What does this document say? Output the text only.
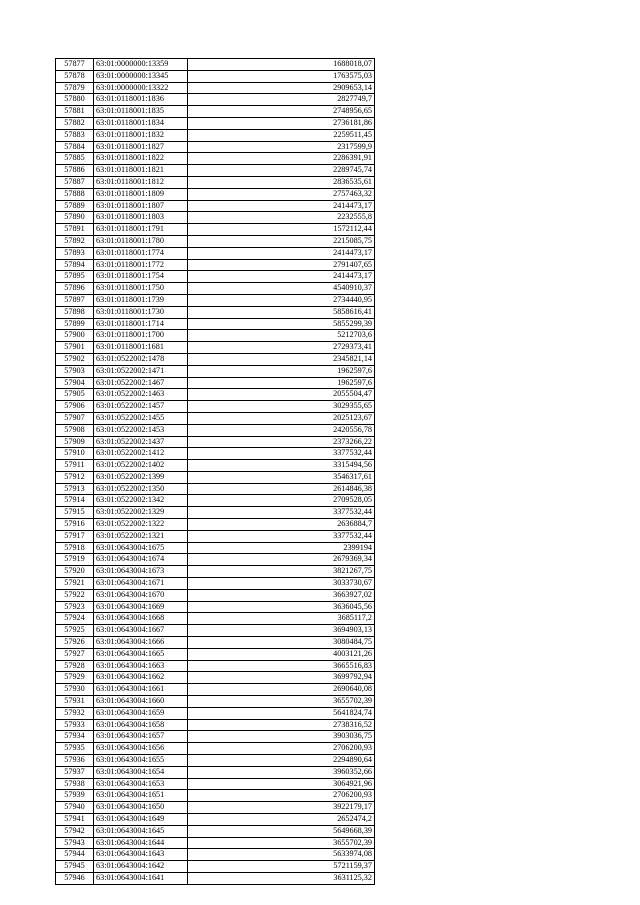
57877	63:01:0000000:13359	1688018,07
57878	63:01:0000000:13345	1763575,03
57879	63:01:0000000:13322	2909653,14
57880	63:01:0118001:1836	2827749,7
57881	63:01:0118001:1835	2748956,65
57882	63:01:0118001:1834	2736181,86
57883	63:01:0118001:1832	2259511,45
57884	63:01:0118001:1827	2317599,9
57885	63:01:0118001:1822	2286391,91
57886	63:01:0118001:1821	2289745,74
57887	63:01:0118001:1812	2836535,61
57888	63:01:0118001:1809	2757463,32
57889	63:01:0118001:1807	2414473,17
57890	63:01:0118001:1803	2232555,8
57891	63:01:0118001:1791	1572112,44
57892	63:01:0118001:1780	2215085,75
57893	63:01:0118001:1774	2414473,17
57894	63:01:0118001:1772	2791407,65
57895	63:01:0118001:1754	2414473,17
57896	63:01:0118001:1750	4540910,37
57897	63:01:0118001:1739	2734440,95
57898	63:01:0118001:1730	5858616,41
57899	63:01:0118001:1714	5855299,39
57900	63:01:0118001:1700	5212703,6
57901	63:01:0118001:1681	2729373,41
57902	63:01:0522002:1478	2345821,14
57903	63:01:0522002:1471	1962597,6
57904	63:01:0522002:1467	1962597,6
57905	63:01:0522002:1463	2055504,47
57906	63:01:0522002:1457	3029355,65
57907	63:01:0522002:1455	2025123,67
57908	63:01:0522002:1453	2420556,78
57909	63:01:0522002:1437	2373266,22
57910	63:01:0522002:1412	3377532,44
57911	63:01:0522002:1402	3315494,56
57912	63:01:0522002:1399	3546317,61
57913	63:01:0522002:1350	2614846,38
57914	63:01:0522002:1342	2709528,05
57915	63:01:0522002:1329	3377532,44
57916	63:01:0522002:1322	2636884,7
57917	63:01:0522002:1321	3377532,44
57918	63:01:0643004:1675	2399194
57919	63:01:0643004:1674	2679369,34
57920	63:01:0643004:1673	3821267,75
57921	63:01:0643004:1671	3033730,67
57922	63:01:0643004:1670	3663927,02
57923	63:01:0643004:1669	3636045,56
57924	63:01:0643004:1668	3685117,2
57925	63:01:0643004:1667	3694903,13
57926	63:01:0643004:1666	3080484,75
57927	63:01:0643004:1665	4003121,26
57928	63:01:0643004:1663	3665516,83
57929	63:01:0643004:1662	3699792,94
57930	63:01:0643004:1661	2690640,08
57931	63:01:0643004:1660	3655702,39
57932	63:01:0643004:1659	5641824,74
57933	63:01:0643004:1658	2738316,52
57934	63:01:0643004:1657	3903036,75
57935	63:01:0643004:1656	2706200,93
57936	63:01:0643004:1655	2294890,64
57937	63:01:0643004:1654	3960352,66
57938	63:01:0643004:1653	3064921,96
57939	63:01:0643004:1651	2706200,93
57940	63:01:0643004:1650	3922179,17
57941	63:01:0643004:1649	2652474,2
57942	63:01:0643004:1645	5649668,39
57943	63:01:0643004:1644	3655702,39
57944	63:01:0643004:1643	5633974,08
57945	63:01:0643004:1642	5721159,37
57946	63:01:0643004:1641	3631125,32
